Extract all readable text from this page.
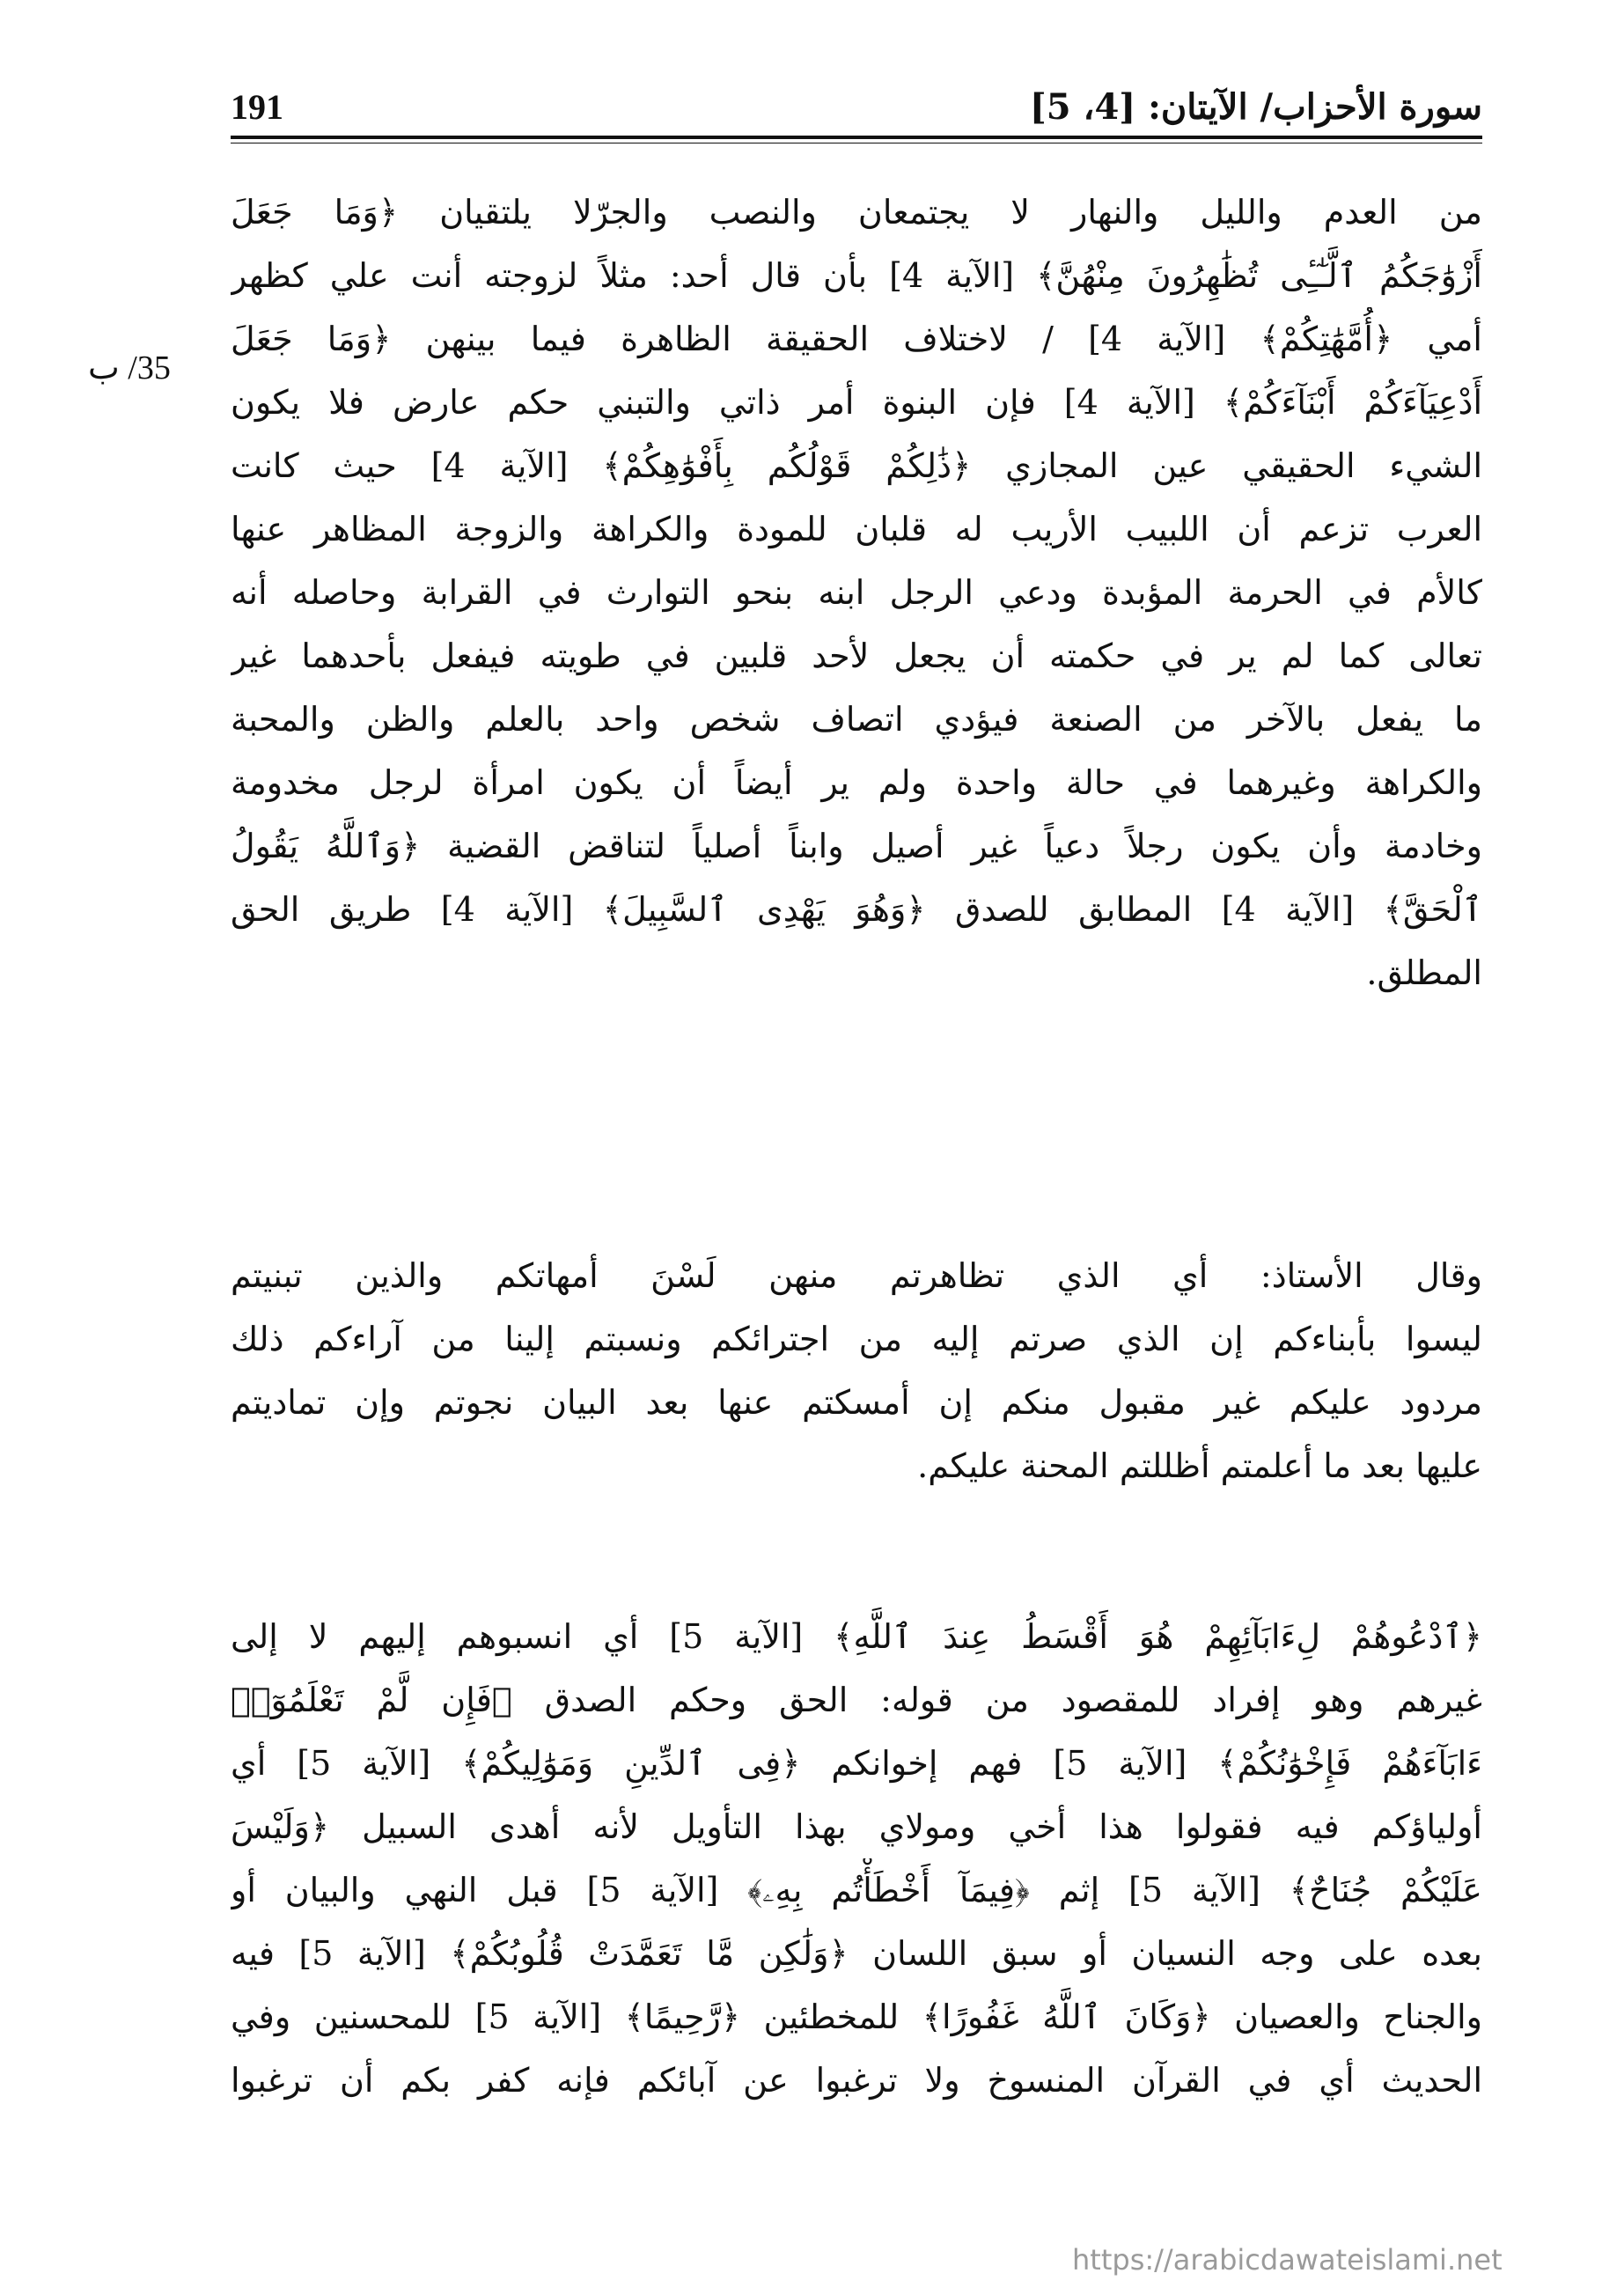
191	سورة الأحزاب/ الآيتان: [4، 5]
35/ ب
من العدم والليل والنهار لا يجتمعان والنصب والجرّلا يلتقيان ﴿وَمَا جَعَلَ
أَزْوَٰجَكُمُ ٱلَّـٰٓـِٔى تُظَٰهِرُونَ مِنْهُنَّ﴾ [الآية 4] بأن قال أحد: مثلاً لزوجته أنت علي كظهر
أمي ﴿أُمَّهَٰتِكُمْ﴾ [الآية 4] / لاختلاف الحقيقة الظاهرة فيما بينهن ﴿وَمَا جَعَلَ
أَدْعِيَآءَكُمْ أَبْنَآءَكُمْ﴾ [الآية 4] فإن البنوة أمر ذاتي والتبني حكم عارض فلا يكون
الشيء الحقيقي عين المجازي ﴿ذَٰلِكُمْ قَوْلُكُم بِأَفْوَٰهِكُمْ﴾ [الآية 4] حيث كانت
العرب تزعم أن اللبيب الأريب له قلبان للمودة والكراهة والزوجة المظاهر عنها
كالأم في الحرمة المؤبدة ودعي الرجل ابنه بنحو التوارث في القرابة وحاصله أنه
تعالى كما لم ير في حكمته أن يجعل لأحد قلبين في طويته فيفعل بأحدهما غير
ما يفعل بالآخر من الصنعة فيؤدي اتصاف شخص واحد بالعلم والظن والمحبة
والكراهة وغيرهما في حالة واحدة ولم ير أيضاً أن يكون امرأة لرجل مخدومة
وخادمة وأن يكون رجلاً دعياً غير أصيل وابناً أصلياً لتناقض القضية ﴿وَٱللَّهُ يَقُولُ
ٱلْحَقَّ﴾ [الآية 4] المطابق للصدق ﴿وَهُوَ يَهْدِى ٱلسَّبِيلَ﴾ [الآية 4] طريق الحق
المطلق.
وقال الأستاذ: أي الذي تظاهرتم منهن لَسْنَ أمهاتكم والذين تبنيتم
ليسوا بأبناءكم إن الذي صرتم إليه من اجترائكم ونسبتم إلينا من آراءكم ذلك
مردود عليكم غير مقبول منكم إن أمسكتم عنها بعد البيان نجوتم وإن تماديتم
عليها بعد ما أعلمتم أظللتم المحنة عليكم.
﴿ٱدْعُوهُمْ لِءَابَآئِهِمْ هُوَ أَقْسَطُ عِندَ ٱللَّهِ﴾ [الآية 5] أي انسبوهم إليهم لا إلى
غيرهم وهو إفراد للمقصود من قوله: الحق وحكم الصدق ﴿فَإِن لَّمْ تَعْلَمُوٓا۟
ءَابَآءَهُمْ فَإِخْوَٰنُكُمْ﴾ [الآية 5] فهم إخوانكم ﴿فِى ٱلدِّينِ وَمَوَٰلِيكُمْ﴾ [الآية 5] أي
أولياؤكم فيه فقولوا هذا أخي ومولاي بهذا التأويل لأنه أهدى السبيل ﴿وَلَيْسَ
عَلَيْكُمْ جُنَاحٌ﴾ [الآية 5] إثم ﴿فِيمَآ أَخْطَأْتُم بِهِۦ﴾ [الآية 5] قبل النهي والبيان أو
بعده على وجه النسيان أو سبق اللسان ﴿وَلَٰكِن مَّا تَعَمَّدَتْ قُلُوبُكُمْ﴾ [الآية 5] فيه
والجناح والعصيان ﴿وَكَانَ ٱللَّهُ غَفُورًا﴾ للمخطئين ﴿رَّحِيمًا﴾ [الآية 5] للمحسنين وفي
الحديث أي في القرآن المنسوخ ولا ترغبوا عن آبائكم فإنه كفر بكم أن ترغبوا
https://arabicdawateislami.net
